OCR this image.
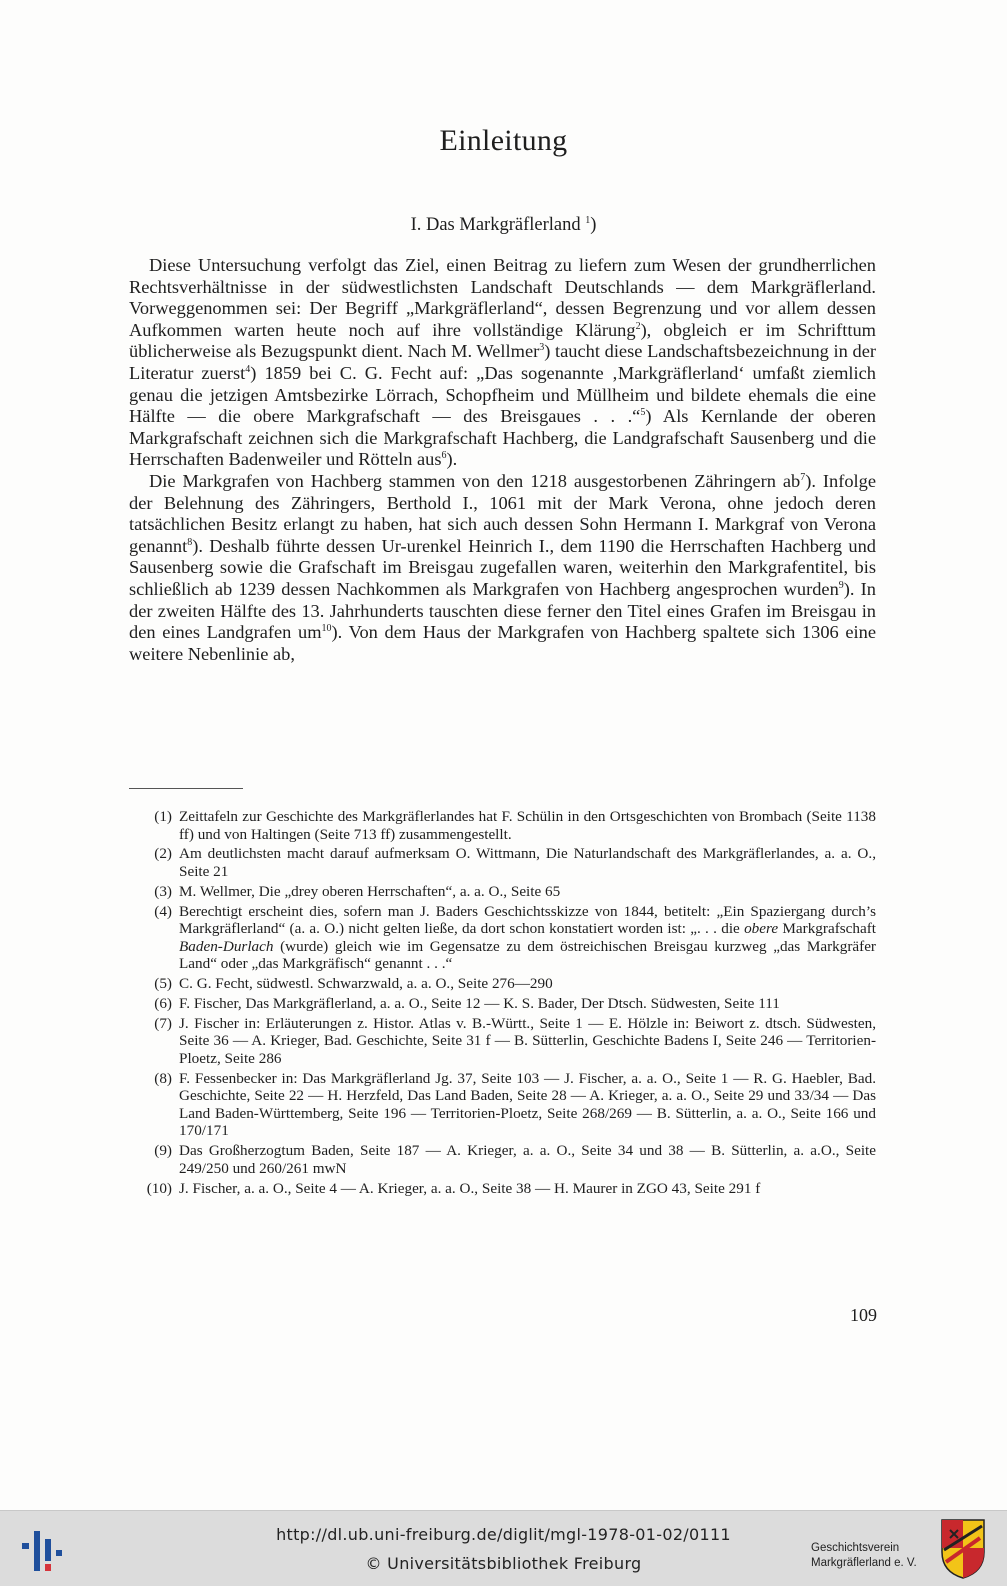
Einleitung
I. Das Markgräflerland $^1$)

Diese Untersuchung verfolgt das Ziel, einen Beitrag zu liefern zum Wesen der grundherrlichen Rechtsverhältnisse in der südwestlichsten Landschaft Deutschlands — dem Markgräflerland. Vorweggenommen sei: Der Begriff „Markgräflerland“, dessen Begrenzung und vor allem dessen Aufkommen warten heute noch auf ihre vollständige Klärung$^2$), obgleich er im Schrifttum üblicherweise als Bezugspunkt dient. Nach M. Wellmer$^3$) taucht diese Landschaftsbezeichnung in der Literatur zuerst$^4$) 1859 bei C. G. Fecht auf: „Das sogenannte ‚Markgräflerland‘ umfaßt ziemlich genau die jetzigen Amtsbezirke Lörrach, Schopfheim und Müllheim und bildete ehemals die eine Hälfte — die obere Markgrafschaft — des Breisgaues . . .“$^5$) Als Kernlande der oberen Markgrafschaft zeichnen sich die Markgrafschaft Hachberg, die Landgrafschaft Sausenberg und die Herrschaften Badenweiler und Rötteln aus$^6$).

Die Markgrafen von Hachberg stammen von den 1218 ausgestorbenen Zähringern $ab^7$). Infolge der Belehnung des Zähringers, Berthold I., 1061 mit der Mark Verona, ohne jedoch deren tatsächlichen Besitz erlangt zu haben, hat sich auch dessen Sohn Hermann I. Markgraf von Verona genannt$^8$). Deshalb führte dessen Ur-urenkel Heinrich I., dem 1190 die Herrschaften Hachberg und Sausenberg sowie die Grafschaft im Breisgau zugefallen waren, weiterhin den Markgrafentitel, bis schließlich ab 1239 dessen Nachkommen als Markgrafen von Hachberg angesprochen wurden$^9$). In der zweiten Hälfte des 13. Jahrhunderts tauschten diese ferner den Titel eines Grafen im Breisgau in den eines Landgrafen $um^{10}$). Von dem Haus der Markgrafen von Hachberg spaltete sich 1306 eine weitere Nebenlinie ab,

(1) Zeittafeln zur Geschichte des Markgräflerlandes hat F. Schülin in den Ortsgeschichten von Brombach (Seite 1138 ff) und von Haltingen (Seite 713 ff) zusammengestellt.
(2) Am deutlichsten macht darauf aufmerksam O. Wittmann, Die Naturlandschaft des Markgräflerlandes, a. a. O., Seite 21
(3) M. Wellmer, Die „drey oberen Herrschaften“, a. a. O., Seite 65
(4) Berechtigt erscheint dies, sofern man J. Baders Geschichtsskizze von 1844, betitelt: „Ein Spaziergang durch’s Markgräflerland“ (a. a. O.) nicht gelten ließe, da dort schon konstatiert worden ist: „. . . die obere Markgrafschaft Baden-Durlach (wurde) gleich wie im Gegensatze zu dem östreichischen Breisgau kurzweg „das Markgräfer Land“ oder „das Markgräfisch“ genannt . . .“
(5) C. G. Fecht, südwestl. Schwarzwald, a. a. O., Seite 276—290
(6) F. Fischer, Das Markgräflerland, a. a. O., Seite 12 — K. S. Bader, Der Dtsch. Südwesten, Seite 111
(7) J. Fischer in: Erläuterungen z. Histor. Atlas v. B.-Württ., Seite 1 — E. Hölzle in: Beiwort z. dtsch. Südwesten, Seite 36 — A. Krieger, Bad. Geschichte, Seite 31 f — B. Sütterlin, Geschichte Badens I, Seite 246 — Territorien-Ploetz, Seite 286
(8) F. Fessenbecker in: Das Markgräflerland Jg. 37, Seite 103 — J. Fischer, a. a. O., Seite 1 — R. G. Haebler, Bad. Geschichte, Seite 22 — H. Herzfeld, Das Land Baden, Seite 28 — A. Krieger, a. a. O., Seite 29 und 33/34 — Das Land Baden-Württemberg, Seite 196 — Territorien-Ploetz, Seite 268/269 — B. Sütterlin, a. a. O., Seite 166 und 170/171
(9) Das Großherzogtum Baden, Seite 187 — A. Krieger, a. a. O., Seite 34 und 38 — B. Sütterlin, a. a.O., Seite 249/250 und 260/261 mwN
(10) J. Fischer, a. a. O., Seite 4 — A. Krieger, a. a. O., Seite 38 — H. Maurer in ZGO 43, Seite 291 f
109
http://dl.ub.uni-freiburg.de/diglit/mgl-1978-01-02/0111
© Universitätsbibliothek Freiburg
Geschichtsverein
Markgräflerland e. V.
